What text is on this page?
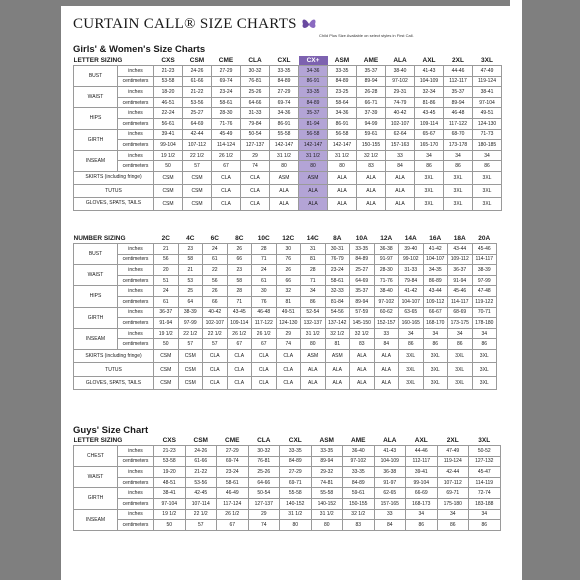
CURTAIN CALL® SIZE CHARTS
Child Plus Size Available on select styles in First Call.
Girls' & Women's Size Charts
LETTER SIZING		CXS	CSM	CME	CLA	CXL	CX+	ASM	AME	ALA	AXL	2XL	3XL
BUST	inches	21-23	24-26	27-29	30-32	33-35	34-36	33-35	35-37	38-40	41-43	44-46	47-49
	centimeters	53-58	61-66	69-74	76-81	84-89	86-91	84-89	89-94	97-102	104-109	112-117	119-124
WAIST	inches	18-20	21-22	23-24	25-26	27-29	33-35	23-25	26-28	29-31	32-34	35-37	38-41
	centimeters	46-51	53-56	58-61	64-66	69-74	84-89	58-64	66-71	74-79	81-86	89-94	97-104
HIPS	inches	22-24	25-27	28-30	31-33	34-36	35-37	34-36	37-39	40-42	43-45	46-48	49-51
	centimeters	56-61	64-69	71-76	79-84	86-91	81-94	86-91	94-99	102-107	109-114	117-122	124-130
GIRTH	inches	39-41	42-44	45-49	50-54	55-58	56-58	56-58	59-61	62-64	65-67	68-70	71-73
	centimeters	99-104	107-112	114-124	127-137	142-147	142-147	142-147	150-155	157-163	165-170	173-178	180-185
INSEAM	inches	19 1/2	22 1/2	26 1/2	29	31 1/2	31 1/2	31 1/2	32 1/2	33	34	34	34
	centimeters	50	57	67	74	80	80	80	83	84	86	86	86
SKIRTS (including fringe)		CSM	CSM	CLA	CLA	ASM	ASM	ALA	ALA	ALA	3XL	3XL	3XL
TUTUS		CSM	CSM	CLA	CLA	ALA	ALA	ALA	ALA	ALA	3XL	3XL	3XL
GLOVES, SPATS, TAILS		CSM	CSM	CLA	CLA	ALA	ALA	ALA	ALA	ALA	3XL	3XL	3XL
NUMBER SIZING		2C	4C	6C	8C	10C	12C	14C	8A	10A	12A	14A	16A	18A	20A
BUST	inches	21	23	24	26	28	30	31	30-31	33-35	36-38	39-40	41-42	43-44	45-46
	centimeters	56	58	61	66	71	76	81	76-79	84-89	91-97	99-102	104-107	109-112	114-117
WAIST	inches	20	21	22	23	24	26	28	23-24	25-27	28-30	31-33	34-35	36-37	38-39
	centimeters	51	53	56	58	61	66	71	58-61	64-69	71-76	79-84	86-89	91-94	97-99
HIPS	inches	24	25	26	28	30	32	34	32-33	35-37	38-40	41-42	43-44	45-46	47-48
	centimeters	61	64	66	71	76	81	86	81-84	89-94	97-102	104-107	109-112	114-117	119-122
GIRTH	inches	36-37	38-39	40-42	43-45	46-48	49-51	52-54	54-56	57-59	60-62	63-65	66-67	68-69	70-71
	centimeters	91-94	97-99	102-107	109-114	117-122	124-130	132-137	137-142	145-150	152-157	160-165	168-170	173-175	178-180
INSEAM	inches	19 1/2	22 1/2	22 1/2	26 1/2	26 1/2	29	31 1/2	32 1/2	32 1/2	33	34	34	34	34
	centimeters	50	57	57	67	67	74	80	81	83	84	86	86	86	86
SKIRTS (including fringe)		CSM	CSM	CLA	CLA	CLA	CLA	ASM	ASM	ALA	ALA	3XL	3XL	3XL	3XL
TUTUS		CSM	CSM	CLA	CLA	CLA	CLA	ALA	ALA	ALA	ALA	3XL	3XL	3XL	3XL
GLOVES, SPATS, TAILS		CSM	CSM	CLA	CLA	CLA	CLA	ALA	ALA	ALA	ALA	3XL	3XL	3XL	3XL
Guys' Size Chart
LETTER SIZING		CXS	CSM	CME	CLA	CXL	ASM	AME	ALA	AXL	2XL	3XL
CHEST	inches	21-23	24-26	27-29	30-32	33-35	33-35	36-40	41-43	44-46	47-49	50-52
	centimeters	53-58	61-66	69-74	76-81	84-89	89-94	97-102	104-109	112-117	119-124	127-132
WAIST	inches	19-20	21-22	23-24	25-26	27-29	29-32	33-35	36-38	39-41	42-44	45-47
	centimeters	48-51	53-56	58-61	64-66	69-71	74-81	84-89	91-97	99-104	107-112	114-119
GIRTH	inches	38-41	42-45	46-49	50-54	55-58	55-58	59-61	62-65	66-69	69-71	72-74
	centimeters	97-104	107-114	117-124	127-137	140-152	140-152	150-155	157-165	168-173	175-180	183-188
INSEAM	inches	19 1/2	22 1/2	26 1/2	29	31 1/2	31 1/2	32 1/2	33	34	34	34
	centimeters	50	57	67	74	80	80	83	84	86	86	86
